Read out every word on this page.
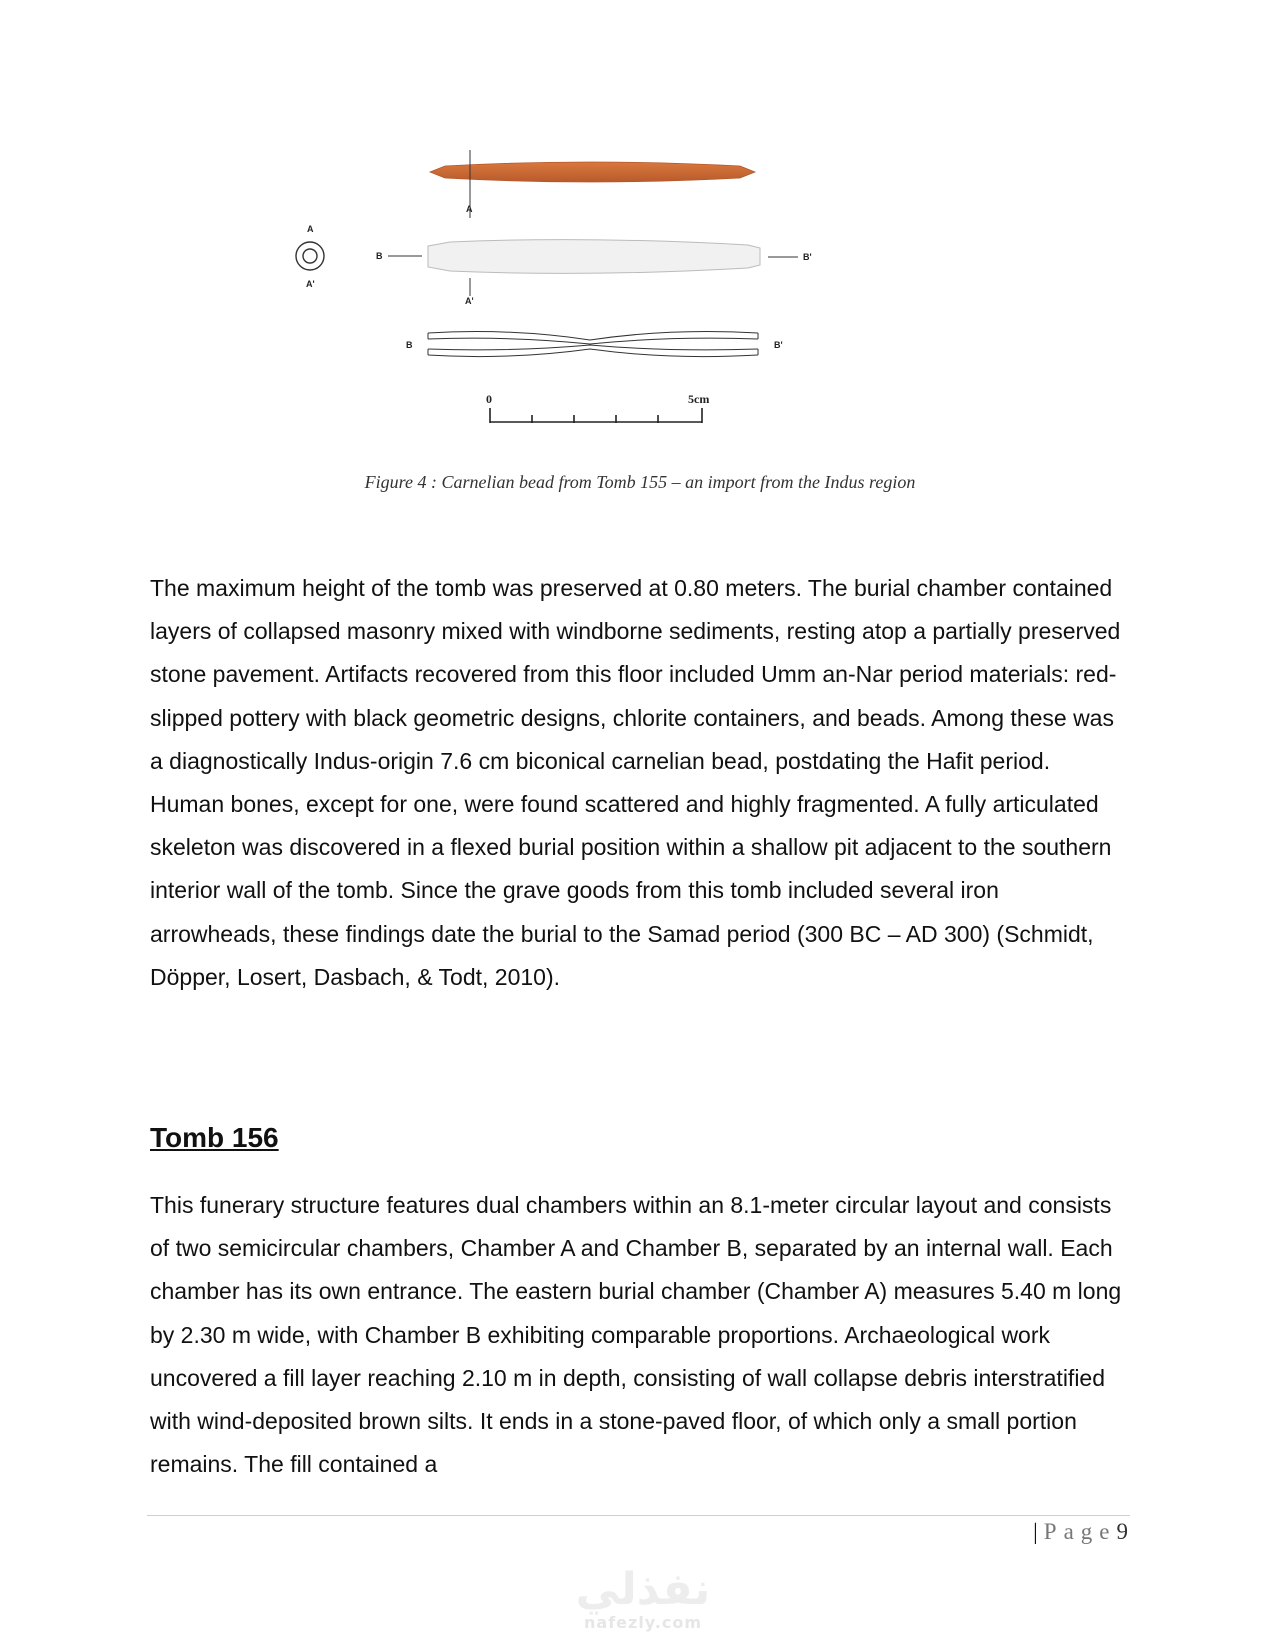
A
A'
A
A'
B	B'
B	B'
0	5cm
Figure 4 : Carnelian bead from Tomb 155 – an import from the Indus region

The maximum height of the tomb was preserved at 0.80 meters. The burial chamber contained layers of collapsed masonry mixed with windborne sediments, resting atop a partially preserved stone pavement. Artifacts recovered from this floor included Umm an-Nar period materials: red-slipped pottery with black geometric designs, chlorite containers, and beads. Among these was a diagnostically Indus-origin 7.6 cm biconical carnelian bead, postdating the Hafit period. Human bones, except for one, were found scattered and highly fragmented. A fully articulated skeleton was discovered in a flexed burial position within a shallow pit adjacent to the southern interior wall of the tomb. Since the grave goods from this tomb included several iron arrowheads, these findings date the burial to the Samad period (300 BC – AD 300) (Schmidt, Döpper, Losert, Dasbach, & Todt, 2010).

Tomb 156

This funerary structure features dual chambers within an 8.1-meter circular layout and consists of two semicircular chambers, Chamber A and Chamber B, separated by an internal wall. Each chamber has its own entrance. The eastern burial chamber (Chamber A) measures 5.40 m long by 2.30 m wide, with Chamber B exhibiting comparable proportions. Archaeological work uncovered a fill layer reaching 2.10 m in depth, consisting of wall collapse debris interstratified with wind-deposited brown silts. It ends in a stone-paved floor, of which only a small portion remains. The fill contained a

| Page9
نفذلي
nafezly.com
